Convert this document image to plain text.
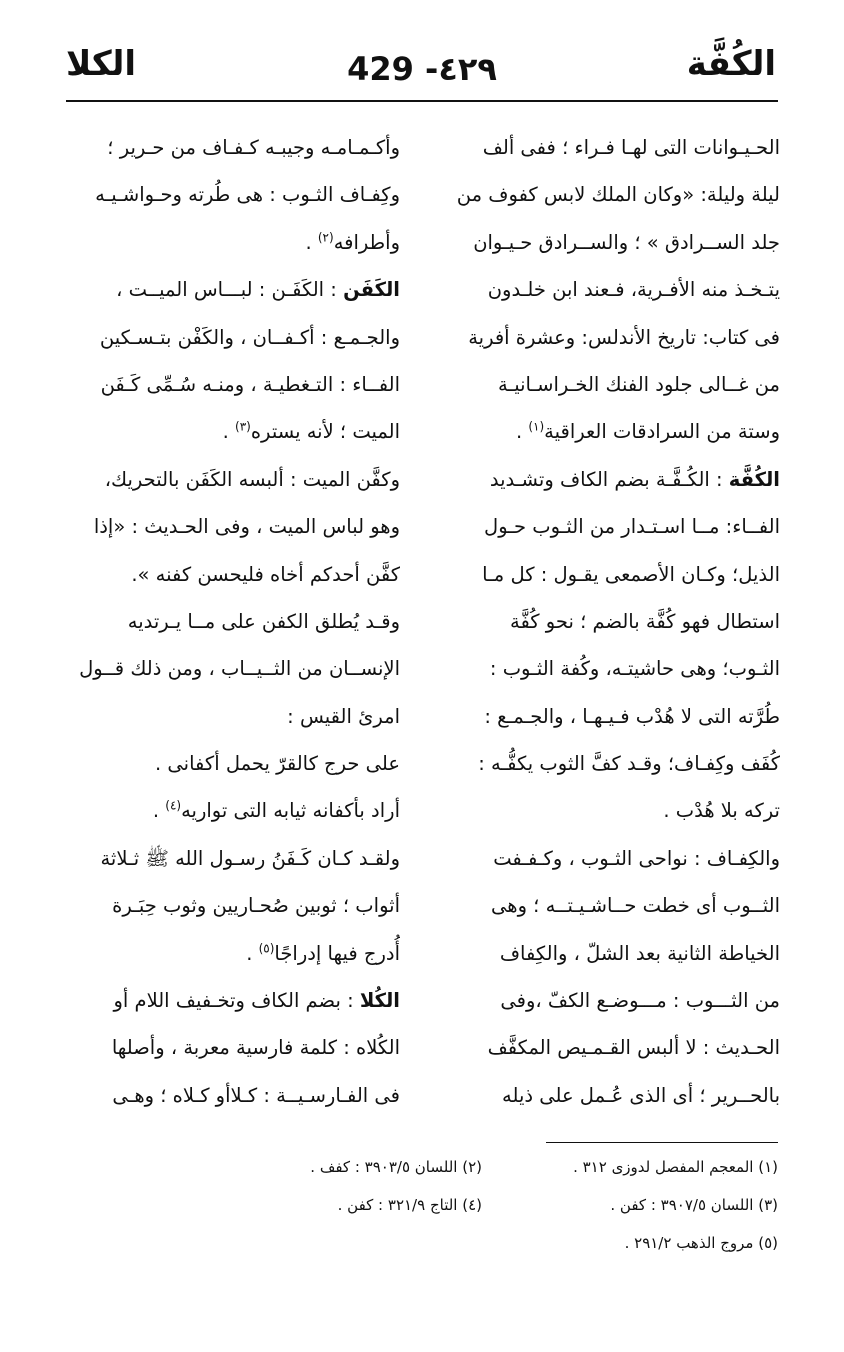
الكُفَّة
429 -٤٢٩
الكلا
الحـيـوانات التى لهـا فـراء ؛ ففى ألف
ليلة وليلة: «وكان الملك لابس كفوف من
جلد الســرادق » ؛ والســرادق حـيـوان
يتـخـذ منه الأفـرية، فـعند ابن خلـدون
فى كتاب: تاريخ الأندلس: وعشرة أفرية
من غــالى جلود الفنك الخـراسـانيـة
وستة من السرادقات العراقية$^{(١)}$ .
الكُفَّة : الكُـفَّـة بضم الكاف وتشـديد
الفــاء: مــا اسـتـدار من الثـوب حـول
الذيل؛ وكـان الأصمعى يقـول : كل مـا
استطال فهو كُفَّة بالضم ؛ نحو كُفَّة
الثـوب؛ وهى حاشيتـه، وكُفة الثـوب :
طُرَّته التى لا هُدْب فـيـهـا ، والجـمـع :
كُفَف وكِفـاف؛ وقـد كفَّ الثوب يكفُّـه :
تركه بلا هُدْب .
والكِفـاف : نواحى الثـوب ، وكـفـفت
الثــوب أى خطت حــاشـيـتــه ؛ وهى
الخياطة الثانية بعد الشلّ ، والكِفاف
من الثـــوب : مـــوضـع الكفّ ،وفى
الحـديث : لا ألبس القـمـيص المكفَّف
بالحــرير ؛ أى الذى عُـمل على ذيله
وأكـمـامـه وجيبـه كـفـاف من حـرير ؛
وكِفـاف الثـوب : هى طُرته وحـواشـيـه
وأطرافه$^{(٢)}$ .
الكَفَن : الكَفَـن : لبـــاس الميــت ،
والجـمـع : أكـفــان ، والكَفْن بتـسـكين
الفــاء : التـغطيـة ، ومنـه سُـمِّى كَـفَن
الميت ؛ لأنه يستره$^{(٣)}$ .
وكفَّن الميت : ألبسه الكَفَن بالتحريك،
وهو لباس الميت ، وفى الحـديث : «إذا
كفَّن أحدكم أخاه فليحسن كفنه ».
وقـد يُطلق الكفن على مــا يـرتديه
الإنســان من الثــيــاب ، ومن ذلك قــول
امرئ القيس :
على حرج كالقرّ يحمل أكفانى .
أراد بأكفانه ثيابه التى تواريه$^{(٤)}$ .
ولقـد كـان كَـفَنُ رسـول الله ﷺ ثـلاثة
أثواب ؛ ثوبين صُحـاريين وثوب حِبَـرة
أُدرج فيها إدراجًا$^{(٥)}$ .
الكُلا : بضم الكاف وتخـفيف اللام أو
الكُلاه : كلمة فارسية معربة ، وأصلها
فى الفـارسـيــة : كـلاأو كـلاه ؛ وهـى
(١) المعجم المفصل لدوزى ٣١٢ .
(٢) اللسان ٣٩٠٣/٥ : كفف .
(٣) اللسان ٣٩٠٧/٥ : كفن .
(٤) التاج ٣٢١/٩ : كفن .
(٥) مروج الذهب ٢٩١/٢ .
